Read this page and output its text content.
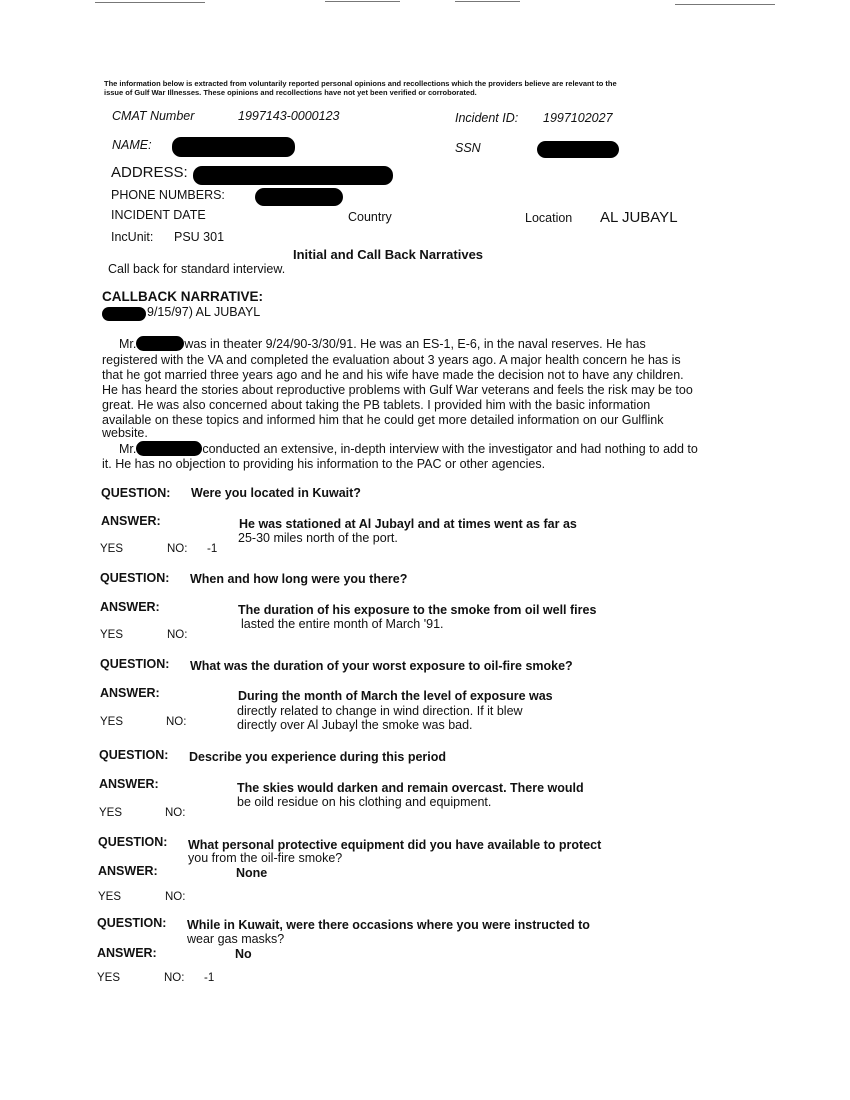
The information below is extracted from voluntarily reported personal opinions and recollections which the providers believe are relevant to the
issue of Gulf War Illnesses. These opinions and recollections have not yet been verified or corroborated.
CMAT Number	1997143-0000123	Incident ID: 1997102027
NAME:	SSN
ADDRESS:
PHONE NUMBERS:
INCIDENT DATE	Country	Location AL JUBAYL
IncUnit: PSU 301
Initial and Call Back Narratives
Call back for standard interview.
CALLBACK NARRATIVE:
9/15/97) AL JUBAYL
Mr.	was in theater 9/24/90-3/30/91. He was an ES-1, E-6, in the naval reserves. He has
registered with the VA and completed the evaluation about 3 years ago. A major health concern he has is
that he got married three years ago and he and his wife have made the decision not to have any children.
He has heard the stories about reproductive problems with Gulf War veterans and feels the risk may be too
great. He was also concerned about taking the PB tablets. I provided him with the basic information
available on these topics and informed him that he could get more detailed information on our Gulflink
website.
Mr.	conducted an extensive, in-depth interview with the investigator and had nothing to add to
it. He has no objection to providing his information to the PAC or other agencies.
QUESTION: Were you located in Kuwait?
ANSWER:	He was stationed at Al Jubayl and at times went as far as
25-30 miles north of the port.
YES	NO: -1
QUESTION: When and how long were you there?
ANSWER:	The duration of his exposure to the smoke from oil well fires
lasted the entire month of March '91.
YES	NO:
QUESTION: What was the duration of your worst exposure to oil-fire smoke?
ANSWER:	During the month of March the level of exposure was
directly related to change in wind direction. If it blew
directly over Al Jubayl the smoke was bad.
YES	NO:
QUESTION: Describe you experience during this period
ANSWER:	The skies would darken and remain overcast. There would
be oild residue on his clothing and equipment.
YES	NO:
QUESTION: What personal protective equipment did you have available to protect
you from the oil-fire smoke?
ANSWER:	None
YES	NO:
QUESTION: While in Kuwait, were there occasions where you were instructed to
wear gas masks?
ANSWER:	No
YES	NO: -1
